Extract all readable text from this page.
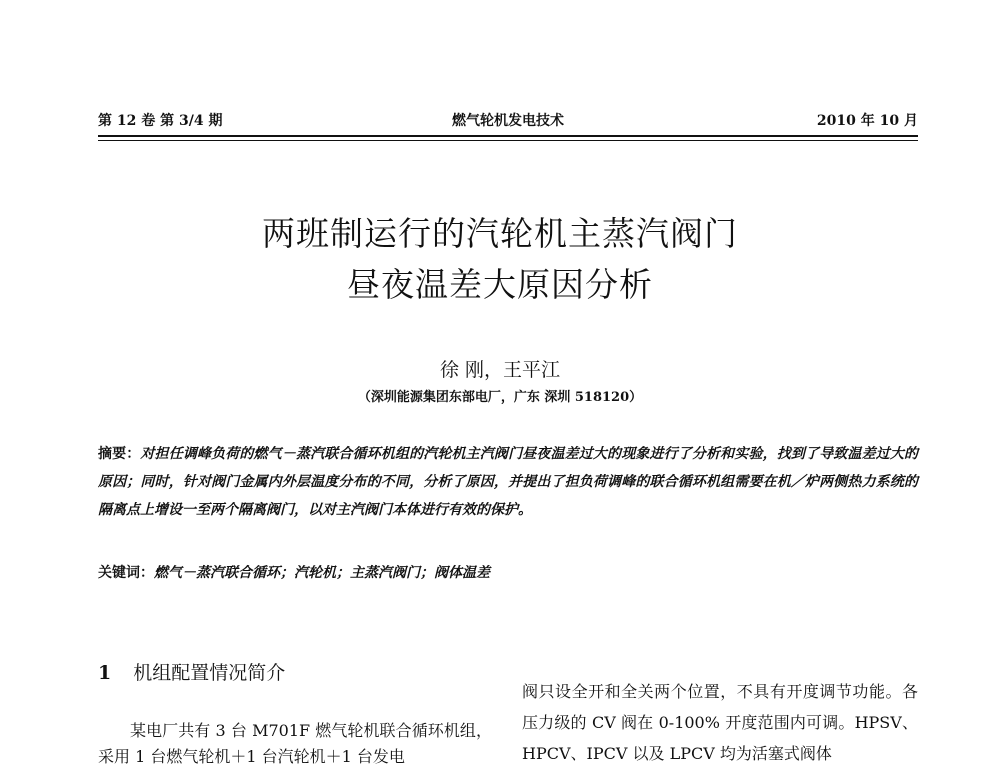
第 12 卷 第 3/4 期	燃气轮机发电技术	2010 年 10 月
两班制运行的汽轮机主蒸汽阀门
昼夜温差大原因分析
徐 刚，王平江
（深圳能源集团东部电厂，广东 深圳 518120）
摘要：对担任调峰负荷的燃气－蒸汽联合循环机组的汽轮机主汽阀门昼夜温差过大的现象进行了分析和实验，找到了导致温差过大的原因；同时，针对阀门金属内外层温度分布的不同，分析了原因，并提出了担负荷调峰的联合循环机组需要在机／炉两侧热力系统的隔离点上增设一至两个隔离阀门，以对主汽阀门本体进行有效的保护。
关键词：燃气－蒸汽联合循环；汽轮机；主蒸汽阀门；阀体温差
1 机组配置情况简介
某电厂共有 3 台 M701F 燃气轮机联合循环机组，采用 1 台燃气轮机＋1 台汽轮机＋1 台发电
阀只设全开和全关两个位置，不具有开度调节功能。各压力级的 CV 阀在 0-100% 开度范围内可调。HPSV、HPCV、IPCV 以及 LPCV 均为活塞式阀体
